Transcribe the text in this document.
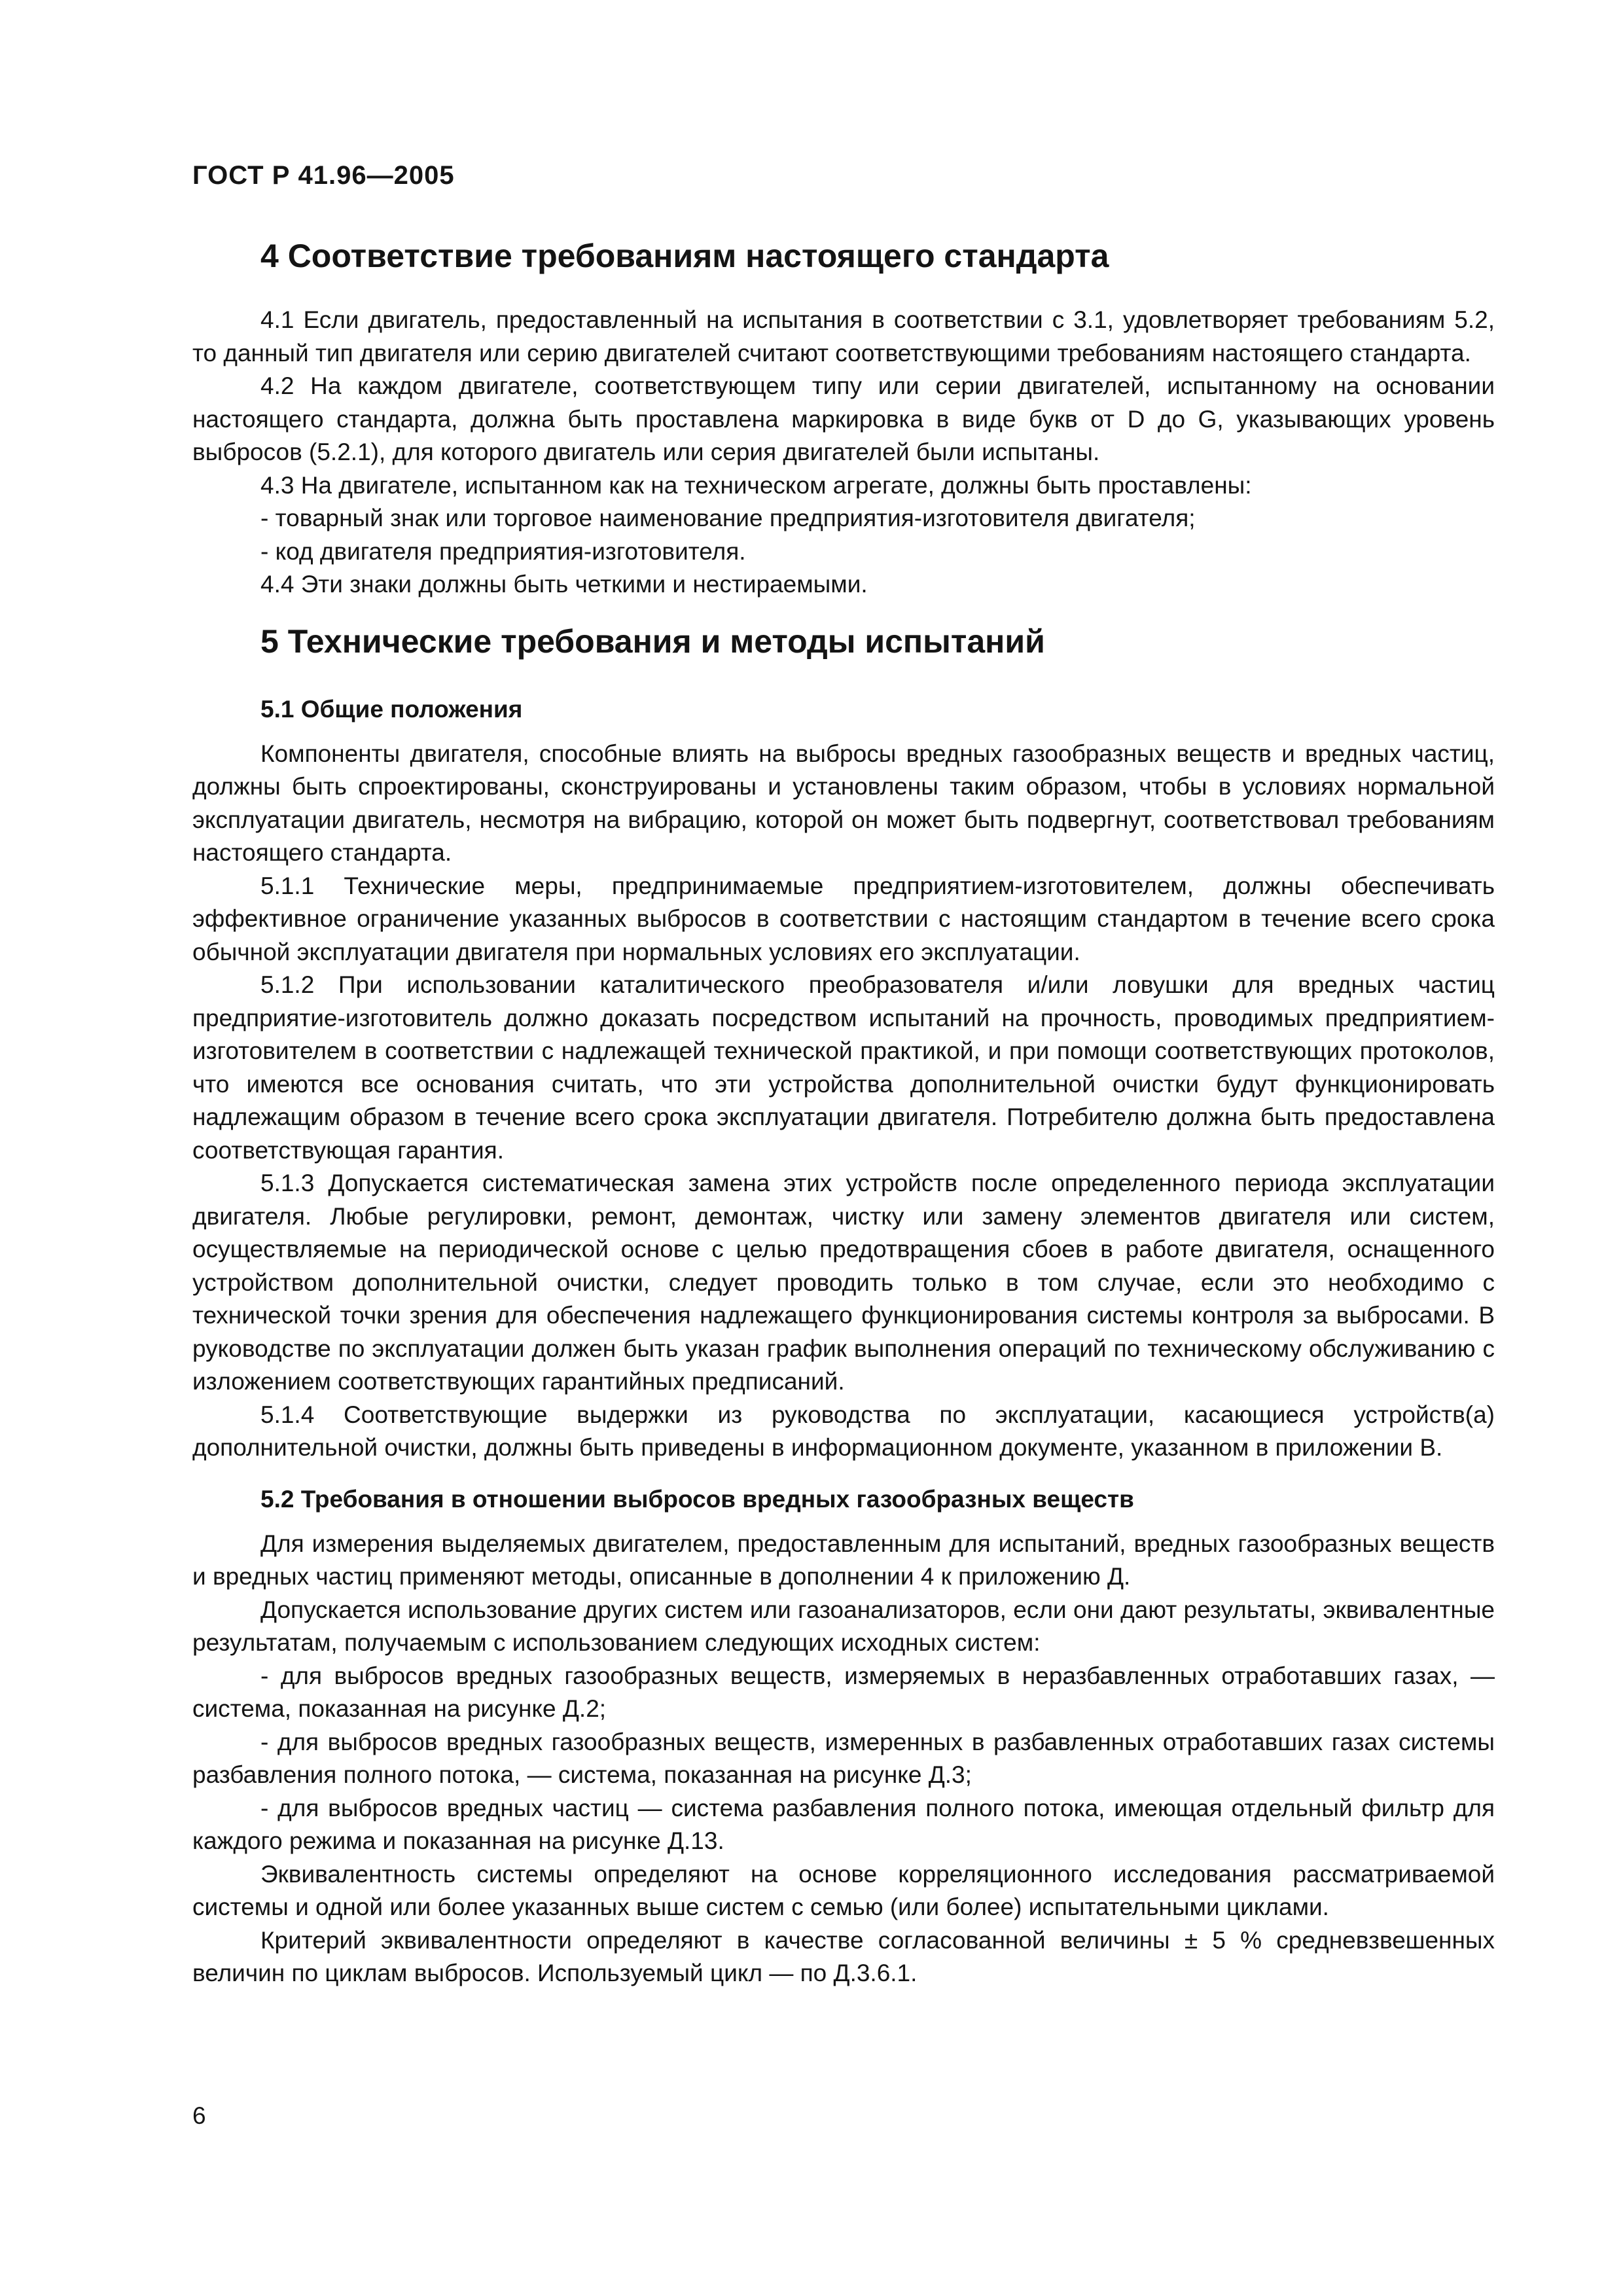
ГОСТ Р 41.96—2005
4 Соответствие требованиям настоящего стандарта

4.1 Если двигатель, предоставленный на испытания в соответствии с 3.1, удовлетворяет требованиям 5.2, то данный тип двигателя или серию двигателей считают соответствующими требованиям настоящего стандарта.

4.2 На каждом двигателе, соответствующем типу или серии двигателей, испытанному на основании настоящего стандарта, должна быть проставлена маркировка в виде букв от D до G, указывающих уровень выбросов (5.2.1), для которого двигатель или серия двигателей были испытаны.

4.3 На двигателе, испытанном как на техническом агрегате, должны быть проставлены:

- товарный знак или торговое наименование предприятия-изготовителя двигателя;

- код двигателя предприятия-изготовителя.

4.4 Эти знаки должны быть четкими и нестираемыми.

5 Технические требования и методы испытаний
5.1 Общие положения

Компоненты двигателя, способные влиять на выбросы вредных газообразных веществ и вредных частиц, должны быть спроектированы, сконструированы и установлены таким образом, чтобы в условиях нормальной эксплуатации двигатель, несмотря на вибрацию, которой он может быть подвергнут, соответствовал требованиям настоящего стандарта.

5.1.1 Технические меры, предпринимаемые предприятием-изготовителем, должны обеспечивать эффективное ограничение указанных выбросов в соответствии с настоящим стандартом в течение всего срока обычной эксплуатации двигателя при нормальных условиях его эксплуатации.

5.1.2 При использовании каталитического преобразователя и/или ловушки для вредных частиц предприятие-изготовитель должно доказать посредством испытаний на прочность, проводимых предприятием-изготовителем в соответствии с надлежащей технической практикой, и при помощи соответствующих протоколов, что имеются все основания считать, что эти устройства дополнительной очистки будут функционировать надлежащим образом в течение всего срока эксплуатации двигателя. Потребителю должна быть предоставлена соответствующая гарантия.

5.1.3 Допускается систематическая замена этих устройств после определенного периода эксплуатации двигателя. Любые регулировки, ремонт, демонтаж, чистку или замену элементов двигателя или систем, осуществляемые на периодической основе с целью предотвращения сбоев в работе двигателя, оснащенного устройством дополнительной очистки, следует проводить только в том случае, если это необходимо с технической точки зрения для обеспечения надлежащего функционирования системы контроля за выбросами. В руководстве по эксплуатации должен быть указан график выполнения операций по техническому обслуживанию с изложением соответствующих гарантийных предписаний.

5.1.4 Соответствующие выдержки из руководства по эксплуатации, касающиеся устройств(а) дополнительной очистки, должны быть приведены в информационном документе, указанном в приложении В.

5.2 Требования в отношении выбросов вредных газообразных веществ

Для измерения выделяемых двигателем, предоставленным для испытаний, вредных газообразных веществ и вредных частиц применяют методы, описанные в дополнении 4 к приложению Д.

Допускается использование других систем или газоанализаторов, если они дают результаты, эквивалентные результатам, получаемым с использованием следующих исходных систем:

- для выбросов вредных газообразных веществ, измеряемых в неразбавленных отработавших газах, — система, показанная на рисунке Д.2;

- для выбросов вредных газообразных веществ, измеренных в разбавленных отработавших газах системы разбавления полного потока, — система, показанная на рисунке Д.3;

- для выбросов вредных частиц — система разбавления полного потока, имеющая отдельный фильтр для каждого режима и показанная на рисунке Д.13.

Эквивалентность системы определяют на основе корреляционного исследования рассматриваемой системы и одной или более указанных выше систем с семью (или более) испытательными циклами.

Критерий эквивалентности определяют в качестве согласованной величины ± 5 % средневзвешенных величин по циклам выбросов. Используемый цикл — по Д.3.6.1.

6
